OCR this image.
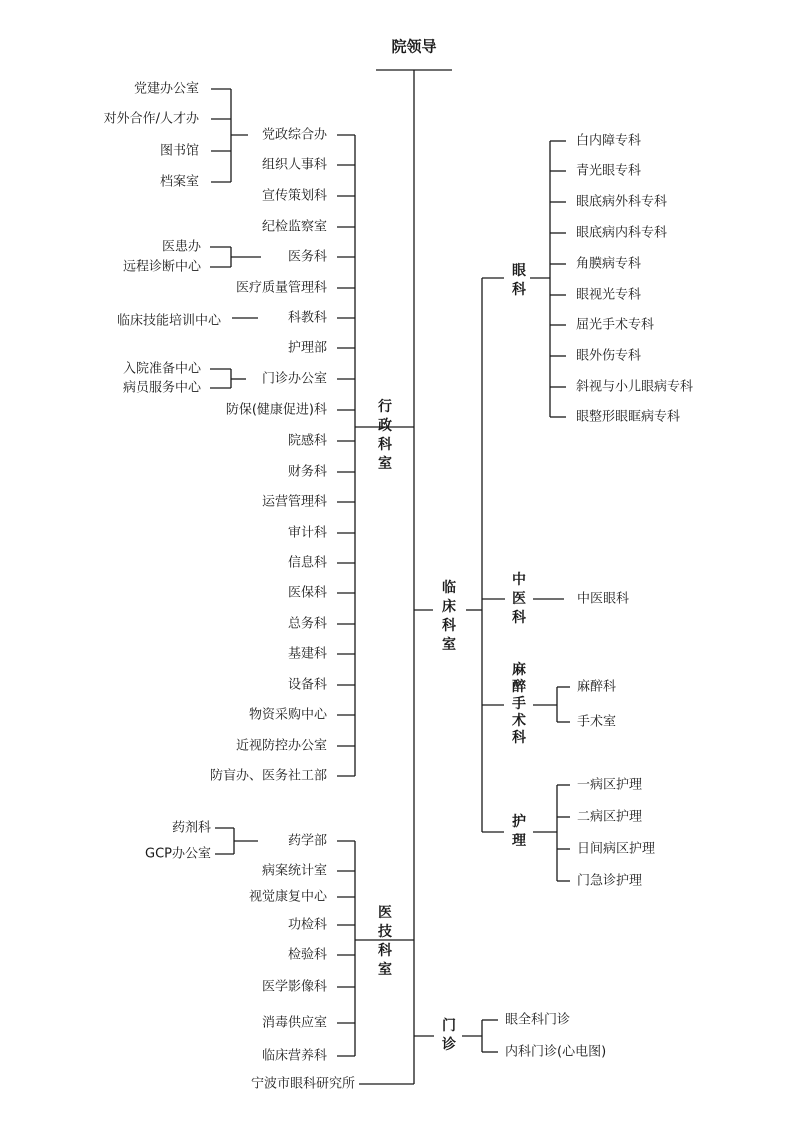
院领导
党政综合办
组织人事科
宣传策划科
纪检监察室
医务科
医疗质量管理科
科教科
护理部
门诊办公室
防保(健康促进)科
院感科
财务科
运营管理科
审计科
信息科
医保科
总务科
基建科
设备科
物资采购中心
近视防控办公室
防盲办、医务社工部
行政科室
党建办公室
对外合作/人才办
图书馆
档案室
医患办
远程诊断中心
临床技能培训中心
入院准备中心
病员服务中心
药学部
病案统计室
视觉康复中心
功检科
检验科
医学影像科
消毒供应室
临床营养科
医技科室
药剂科
GCP办公室
宁波市眼科研究所
临床科室
眼科
白内障专科
青光眼专科
眼底病外科专科
眼底病内科专科
角膜病专科
眼视光专科
屈光手术专科
眼外伤专科
斜视与小儿眼病专科
眼整形眼眶病专科
中医科
中医眼科
麻醉手术科
麻醉科
手术室
护理
一病区护理
二病区护理
日间病区护理
门急诊护理
门诊
眼全科门诊
内科门诊(心电图)
